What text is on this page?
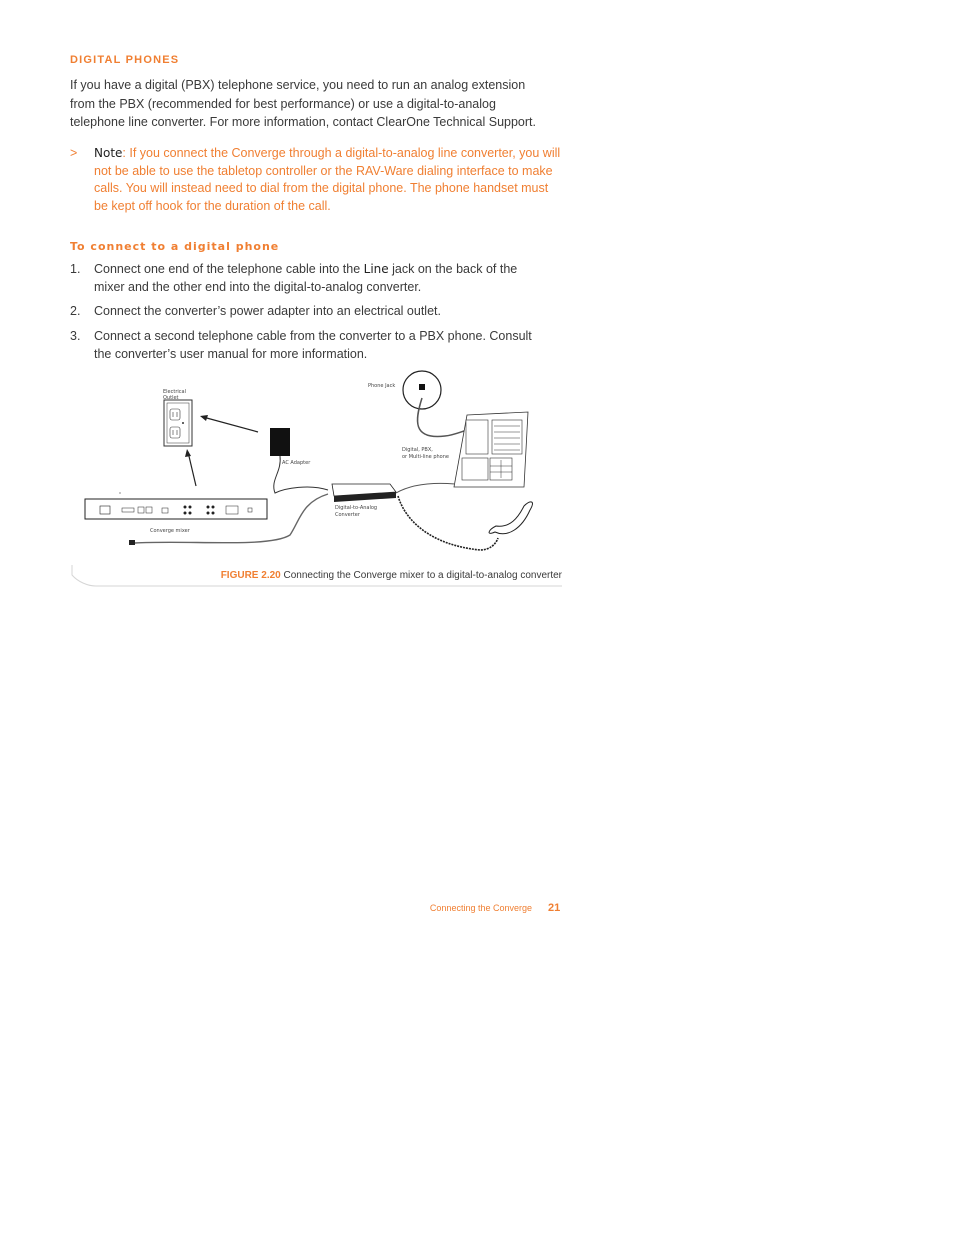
DIGITAL PHONES
If you have a digital (PBX) telephone service, you need to run an analog extension from the PBX (recommended for best performance) or use a digital-to-analog telephone line converter. For more information, contact ClearOne Technical Support.
> Note: If you connect the Converge through a digital-to-analog line converter, you will not be able to use the tabletop controller or the RAV-Ware dialing interface to make calls. You will instead need to dial from the digital phone. The phone handset must be kept off hook for the duration of the call.
To connect to a digital phone
1. Connect one end of the telephone cable into the Line jack on the back of the mixer and the other end into the digital-to-analog converter.
2. Connect the converter’s power adapter into an electrical outlet.
3. Connect a second telephone cable from the converter to a PBX phone. Consult the converter’s user manual for more information.
Electrical
Outlet
AC Adapter
Phone Jack
Digital, PBX,
or Multi-line phone
Digital-to-Analog
Converter
Converge mixer
FIGURE 2.20 Connecting the Converge mixer to a digital-to-analog converter
Connecting the Converge 21
